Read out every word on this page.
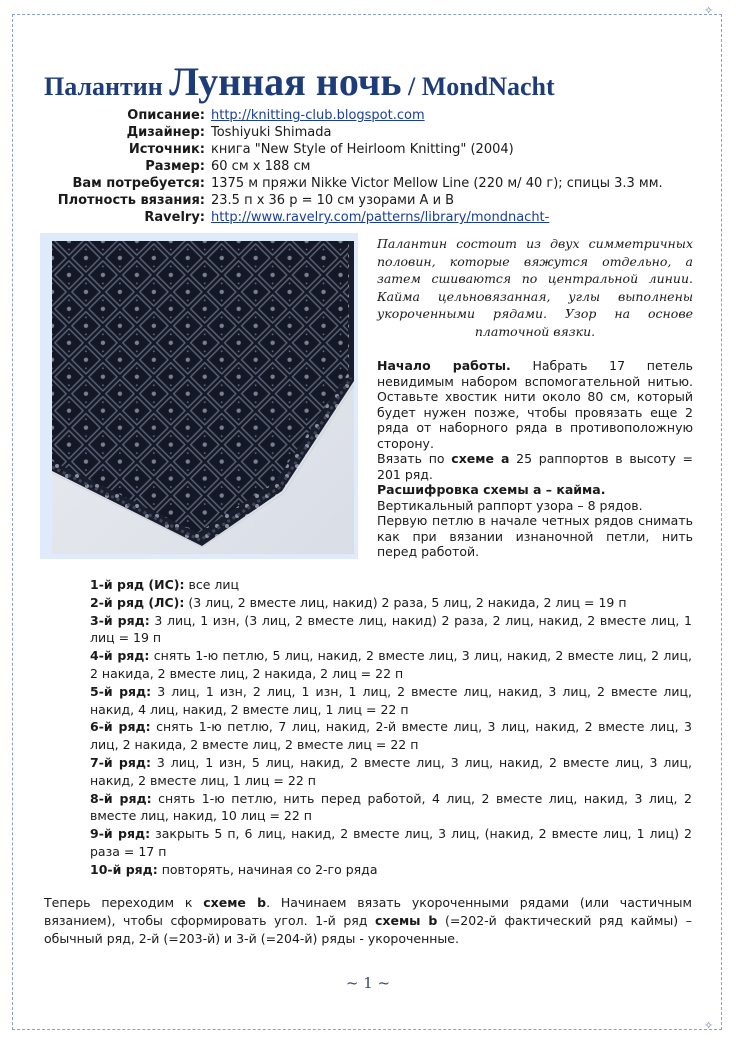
✧
✧
Палантин Лунная ночь / MondNacht
Описание:	http://knitting-club.blogspot.com
Дизайнер:	Toshiyuki Shimada
Источник:	книга "New Style of Heirloom Knitting" (2004)
Размер:	60 см х 188 см
Вам потребуется:	1375 м пряжи Nikke Victor Mellow Line (220 м/ 40 г); спицы 3.3 мм.
Плотность вязания:	23.5 п х 36 р = 10 см узорами А и В
Ravelry:	http://www.ravelry.com/patterns/library/mondnacht-
Палантин состоит из двух симметричных половин, которые вяжутся отдельно, а затем сшиваются по центральной линии. Кайма цельновязанная, углы выполнены укороченными рядами. Узор на основе платочной вязки.

Начало работы. Набрать 17 петель невидимым набором вспомогательной нитью. Оставьте хвостик нити около 80 см, который будет нужен позже, чтобы провязать еще 2 ряда от наборного ряда в противоположную сторону.

Вязать по схеме а 25 раппортов в высоту = 201 ряд.

Расшифровка схемы а – кайма.

Вертикальный раппорт узора – 8 рядов.

Первую петлю в начале четных рядов снимать как при вязании изнаночной петли, нить перед работой.

1-й ряд (ИС): все лиц

2-й ряд (ЛС): (3 лиц, 2 вместе лиц, накид) 2 раза, 5 лиц, 2 накида, 2 лиц = 19 п

3-й ряд: 3 лиц, 1 изн, (3 лиц, 2 вместе лиц, накид) 2 раза, 2 лиц, накид, 2 вместе лиц, 1 лиц = 19 п

4-й ряд: снять 1-ю петлю, 5 лиц, накид, 2 вместе лиц, 3 лиц, накид, 2 вместе лиц, 2 лиц, 2 накида, 2 вместе лиц, 2 накида, 2 лиц = 22 п

5-й ряд: 3 лиц, 1 изн, 2 лиц, 1 изн, 1 лиц, 2 вместе лиц, накид, 3 лиц, 2 вместе лиц, накид, 4 лиц, накид, 2 вместе лиц, 1 лиц = 22 п

6-й ряд: снять 1-ю петлю, 7 лиц, накид, 2-й вместе лиц, 3 лиц, накид, 2 вместе лиц, 3 лиц, 2 накида, 2 вместе лиц, 2 вместе лиц = 22 п

7-й ряд: 3 лиц, 1 изн, 5 лиц, накид, 2 вместе лиц, 3 лиц, накид, 2 вместе лиц, 3 лиц, накид, 2 вместе лиц, 1 лиц = 22 п

8-й ряд: снять 1-ю петлю, нить перед работой, 4 лиц, 2 вместе лиц, накид, 3 лиц, 2 вместе лиц, накид, 10 лиц = 22 п

9-й ряд: закрыть 5 п, 6 лиц, накид, 2 вместе лиц, 3 лиц, (накид, 2 вместе лиц, 1 лиц) 2 раза = 17 п

10-й ряд: повторять, начиная со 2-го ряда

Теперь переходим к схеме b. Начинаем вязать укороченными рядами (или частичным вязанием), чтобы сформировать угол. 1-й ряд схемы b (=202-й фактический ряд каймы) – обычный ряд, 2-й (=203-й) и 3-й (=204-й) ряды - укороченные.
~ 1 ~
